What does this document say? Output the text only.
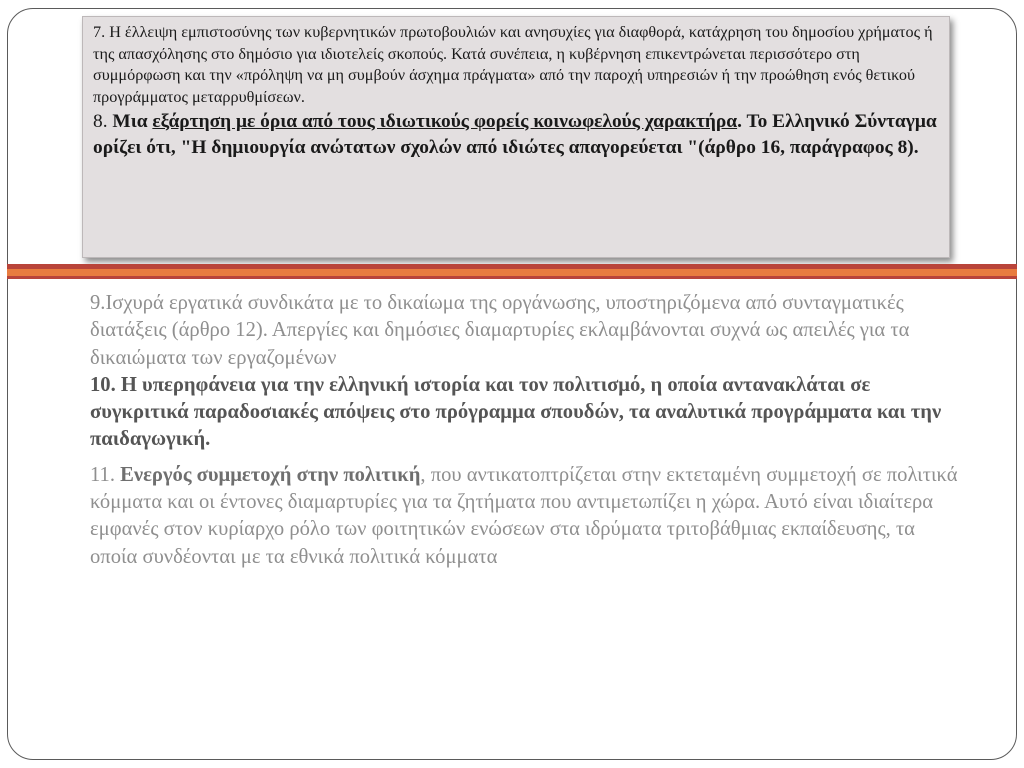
7. Η έλλειψη εμπιστοσύνης των κυβερνητικών πρωτοβουλιών και ανησυχίες για διαφθορά, κατάχρηση του δημοσίου χρήματος ή της απασχόλησης στο δημόσιο για ιδιοτελείς σκοπούς. Κατά συνέπεια, η κυβέρνηση επικεντρώνεται περισσότερο στη συμμόρφωση και την «πρόληψη να μη συμβούν άσχημα πράγματα» από την παροχή υπηρεσιών ή την προώθηση ενός θετικού προγράμματος μεταρρυθμίσεων.

8. Μια εξάρτηση με όρια από τους ιδιωτικούς φορείς κοινωφελούς χαρακτήρα. Το Ελληνικό Σύνταγμα ορίζει ότι, "Η δημιουργία ανώτατων σχολών από ιδιώτες απαγορεύεται "(άρθρο 16, παράγραφος 8).

9.Ισχυρά εργατικά συνδικάτα με το δικαίωμα της οργάνωσης, υποστηριζόμενα από συνταγματικές διατάξεις (άρθρο 12). Απεργίες και δημόσιες διαμαρτυρίες εκλαμβάνονται συχνά ως απειλές για τα δικαιώματα των εργαζομένων

10. Η υπερηφάνεια για την ελληνική ιστορία και τον πολιτισμό, η οποία αντανακλάται σε συγκριτικά παραδοσιακές απόψεις στο πρόγραμμα σπουδών, τα αναλυτικά προγράμματα και την παιδαγωγική.

11. Ενεργός συμμετοχή στην πολιτική, που αντικατοπτρίζεται στην εκτεταμένη συμμετοχή σε πολιτικά κόμματα και οι έντονες διαμαρτυρίες για τα ζητήματα που αντιμετωπίζει η χώρα. Αυτό είναι ιδιαίτερα εμφανές στον κυρίαρχο ρόλο των φοιτητικών ενώσεων στα ιδρύματα τριτοβάθμιας εκπαίδευσης, τα οποία συνδέονται με τα εθνικά πολιτικά κόμματα
